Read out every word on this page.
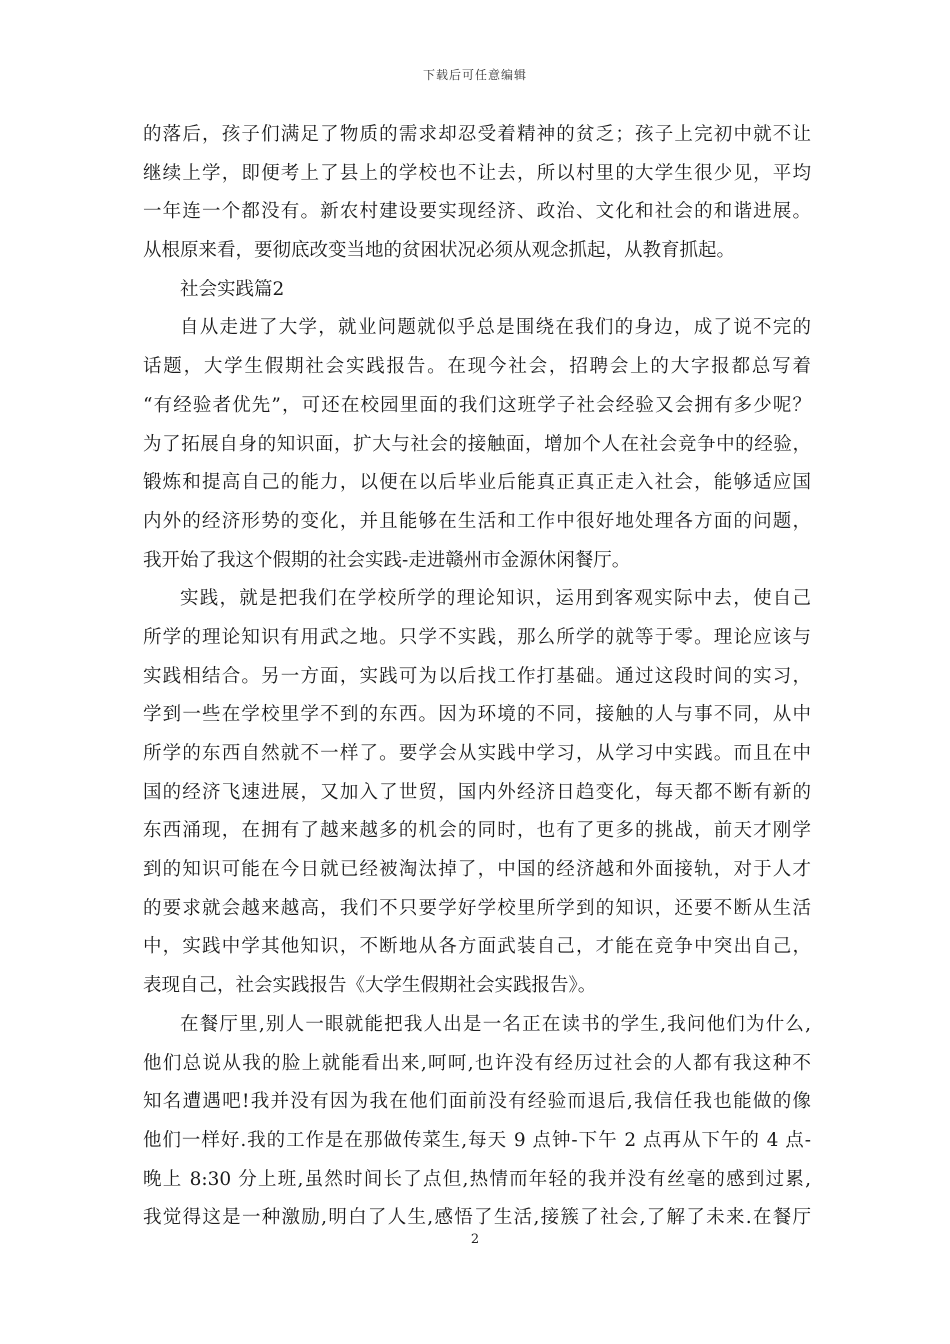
下载后可任意编辑
的落后，孩子们满足了物质的需求却忍受着精神的贫乏；孩子上完初中就不让
继续上学，即便考上了县上的学校也不让去，所以村里的大学生很少见，平均
一年连一个都没有。新农村建设要实现经济、政治、文化和社会的和谐进展。
从根原来看，要彻底改变当地的贫困状况必须从观念抓起，从教育抓起。
社会实践篇2
自从走进了大学，就业问题就似乎总是围绕在我们的身边，成了说不完的
话题，大学生假期社会实践报告。在现今社会，招聘会上的大字报都总写着
“有经验者优先”，可还在校园里面的我们这班学子社会经验又会拥有多少呢？
为了拓展自身的知识面，扩大与社会的接触面，增加个人在社会竞争中的经验，
锻炼和提高自己的能力，以便在以后毕业后能真正真正走入社会，能够适应国
内外的经济形势的变化，并且能够在生活和工作中很好地处理各方面的问题，
我开始了我这个假期的社会实践-走进赣州市金源休闲餐厅。
实践，就是把我们在学校所学的理论知识，运用到客观实际中去，使自己
所学的理论知识有用武之地。只学不实践，那么所学的就等于零。理论应该与
实践相结合。另一方面，实践可为以后找工作打基础。通过这段时间的实习，
学到一些在学校里学不到的东西。因为环境的不同，接触的人与事不同，从中
所学的东西自然就不一样了。要学会从实践中学习，从学习中实践。而且在中
国的经济飞速进展，又加入了世贸，国内外经济日趋变化，每天都不断有新的
东西涌现，在拥有了越来越多的机会的同时，也有了更多的挑战，前天才刚学
到的知识可能在今日就已经被淘汰掉了，中国的经济越和外面接轨，对于人才
的要求就会越来越高，我们不只要学好学校里所学到的知识，还要不断从生活
中，实践中学其他知识，不断地从各方面武装自己，才能在竞争中突出自己，
表现自己，社会实践报告《大学生假期社会实践报告》。
在餐厅里,别人一眼就能把我人出是一名正在读书的学生,我问他们为什么,
他们总说从我的脸上就能看出来,呵呵,也许没有经历过社会的人都有我这种不
知名遭遇吧!我并没有因为我在他们面前没有经验而退后,我信任我也能做的像
他们一样好.我的工作是在那做传菜生,每天 9 点钟-下午 2 点再从下午的 4 点-
晚上 8:30 分上班,虽然时间长了点但,热情而年轻的我并没有丝毫的感到过累,
我觉得这是一种激励,明白了人生,感悟了生活,接簇了社会,了解了未来.在餐厅
2
